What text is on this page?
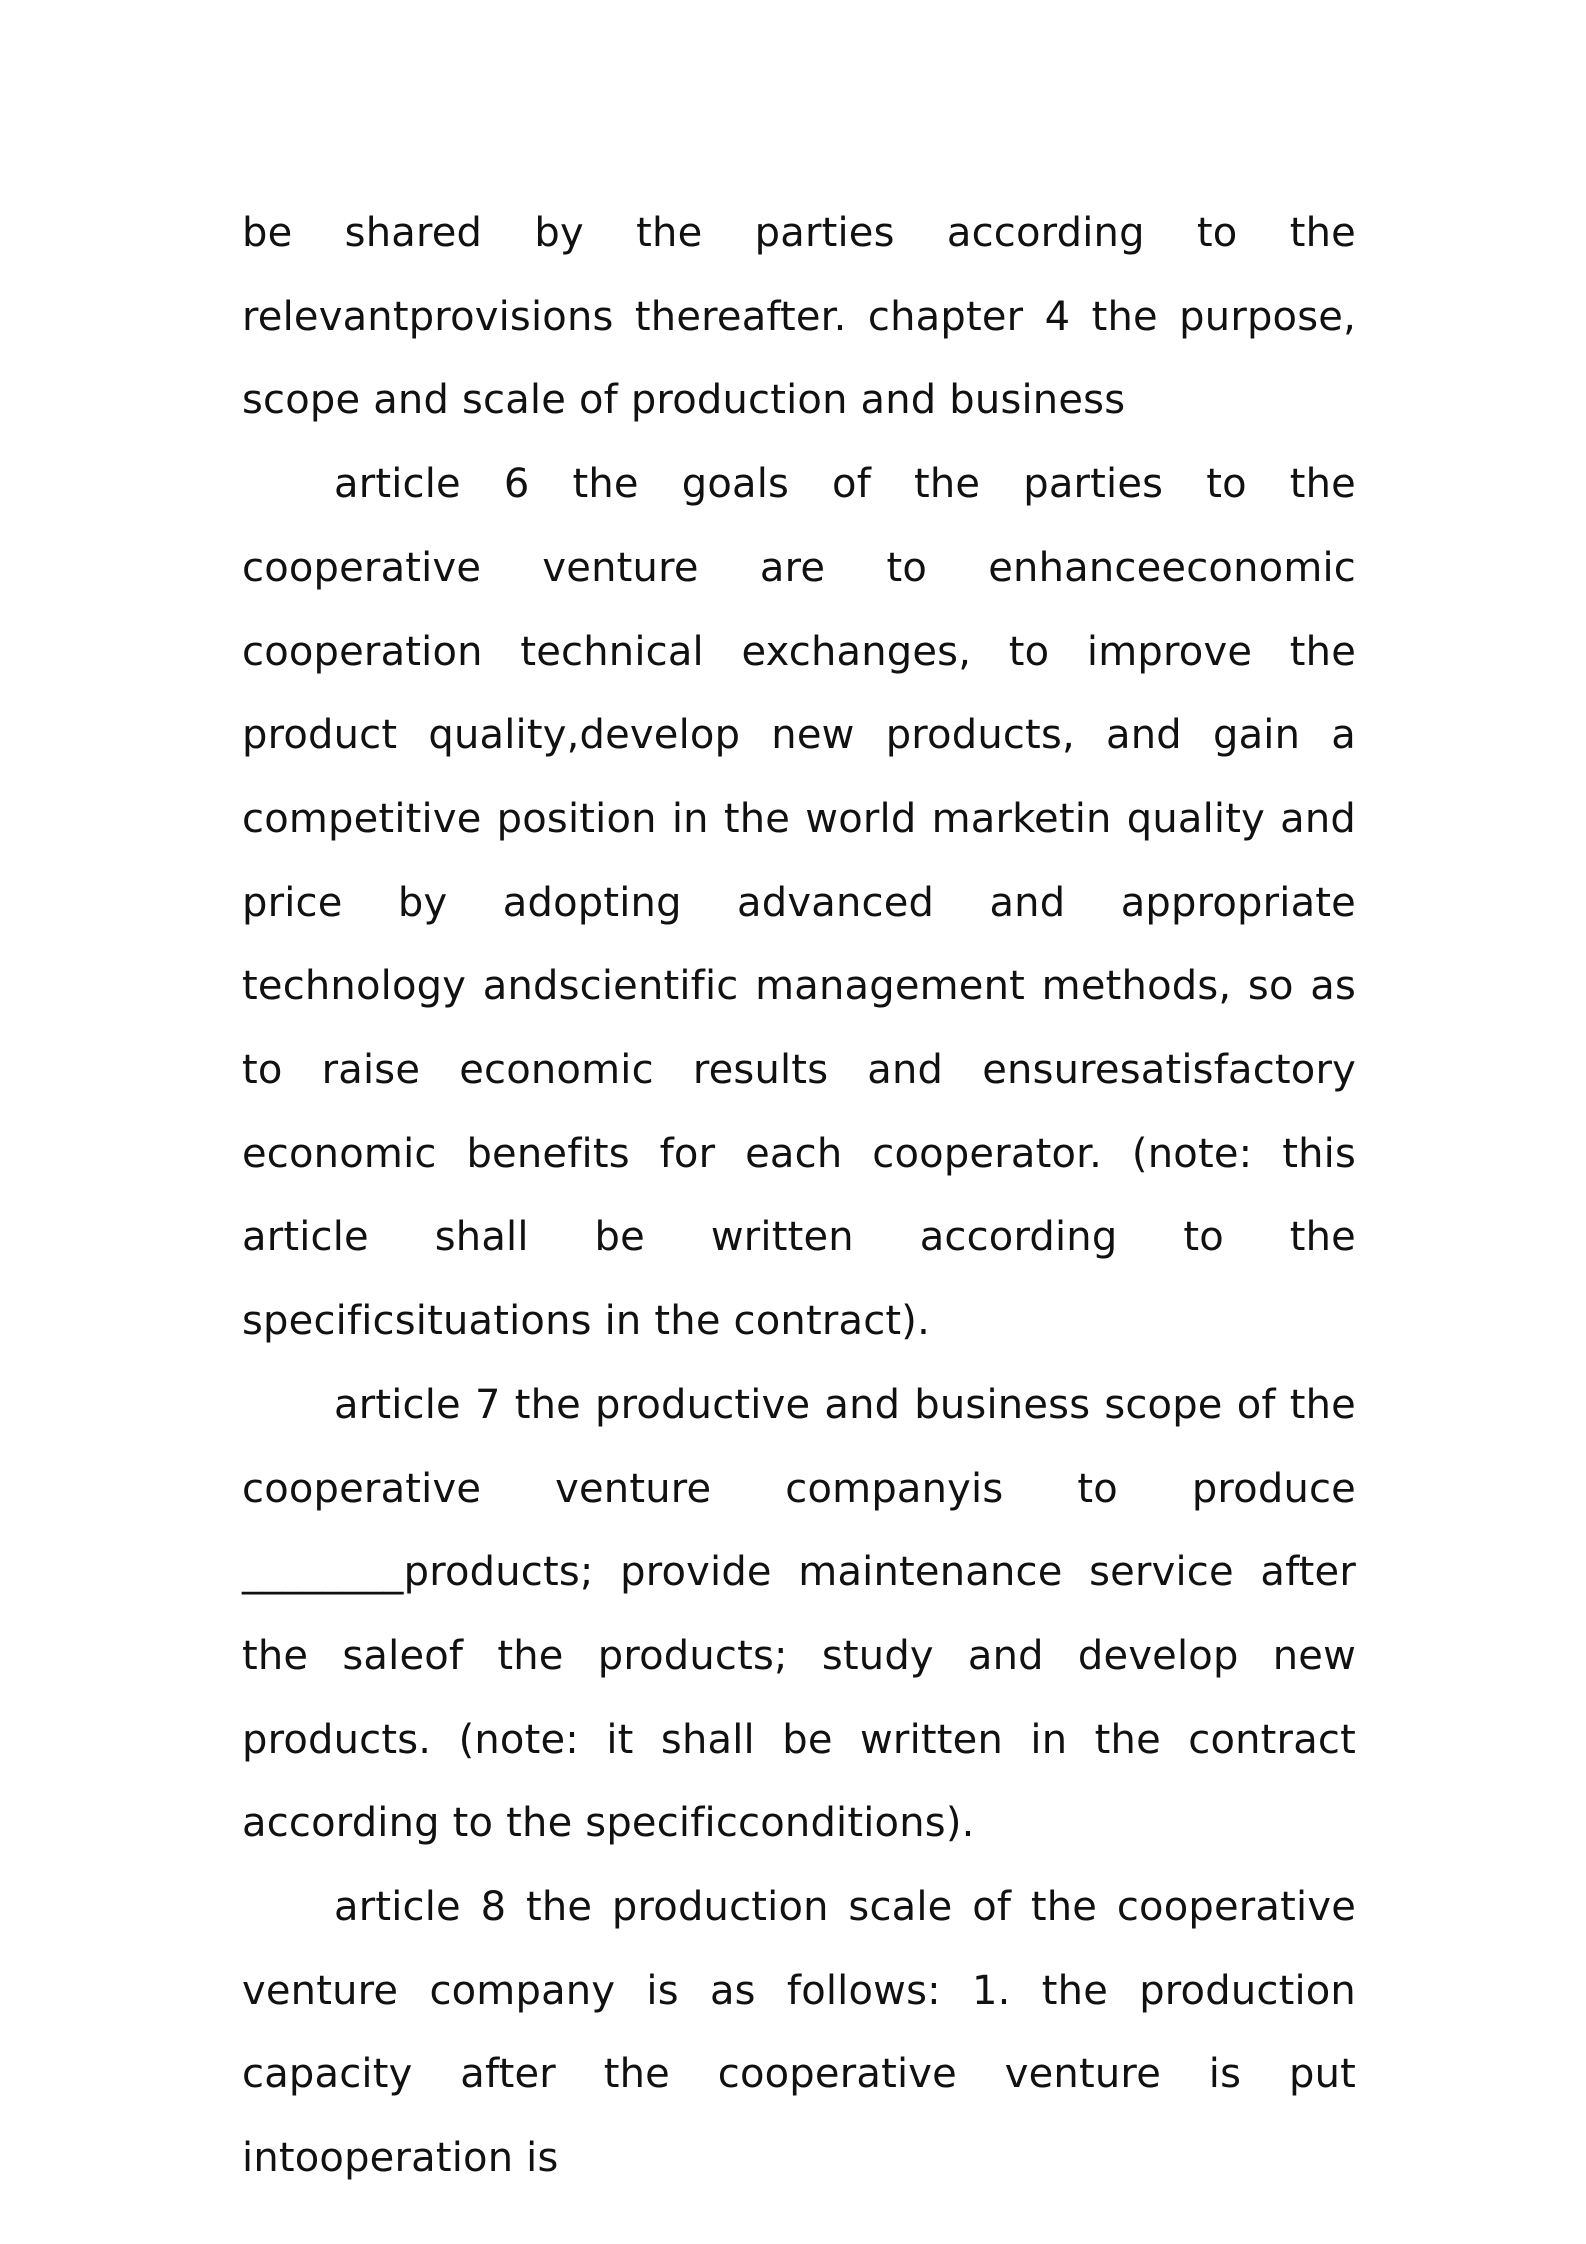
be shared by the parties according to the relevantprovisions thereafter. chapter 4 the purpose, scope and scale of production and business

article 6 the goals of the parties to the cooperative venture are to enhanceeconomic cooperation technical exchanges, to improve the product quality,develop new products, and gain a competitive position in the world marketin quality and price by adopting advanced and appropriate technology andscientific management methods, so as to raise economic results and ensuresatisfactory economic benefits for each cooperator. (note: this article shall be written according to the specificsituations in the contract).

article 7 the productive and business scope of the cooperative venture companyis to produce ________products; provide maintenance service after the saleof the products; study and develop new products. (note: it shall be written in the contract according to the specificconditions).

article 8 the production scale of the cooperative venture company is as follows: 1. the production capacity after the cooperative venture is put intooperation is
